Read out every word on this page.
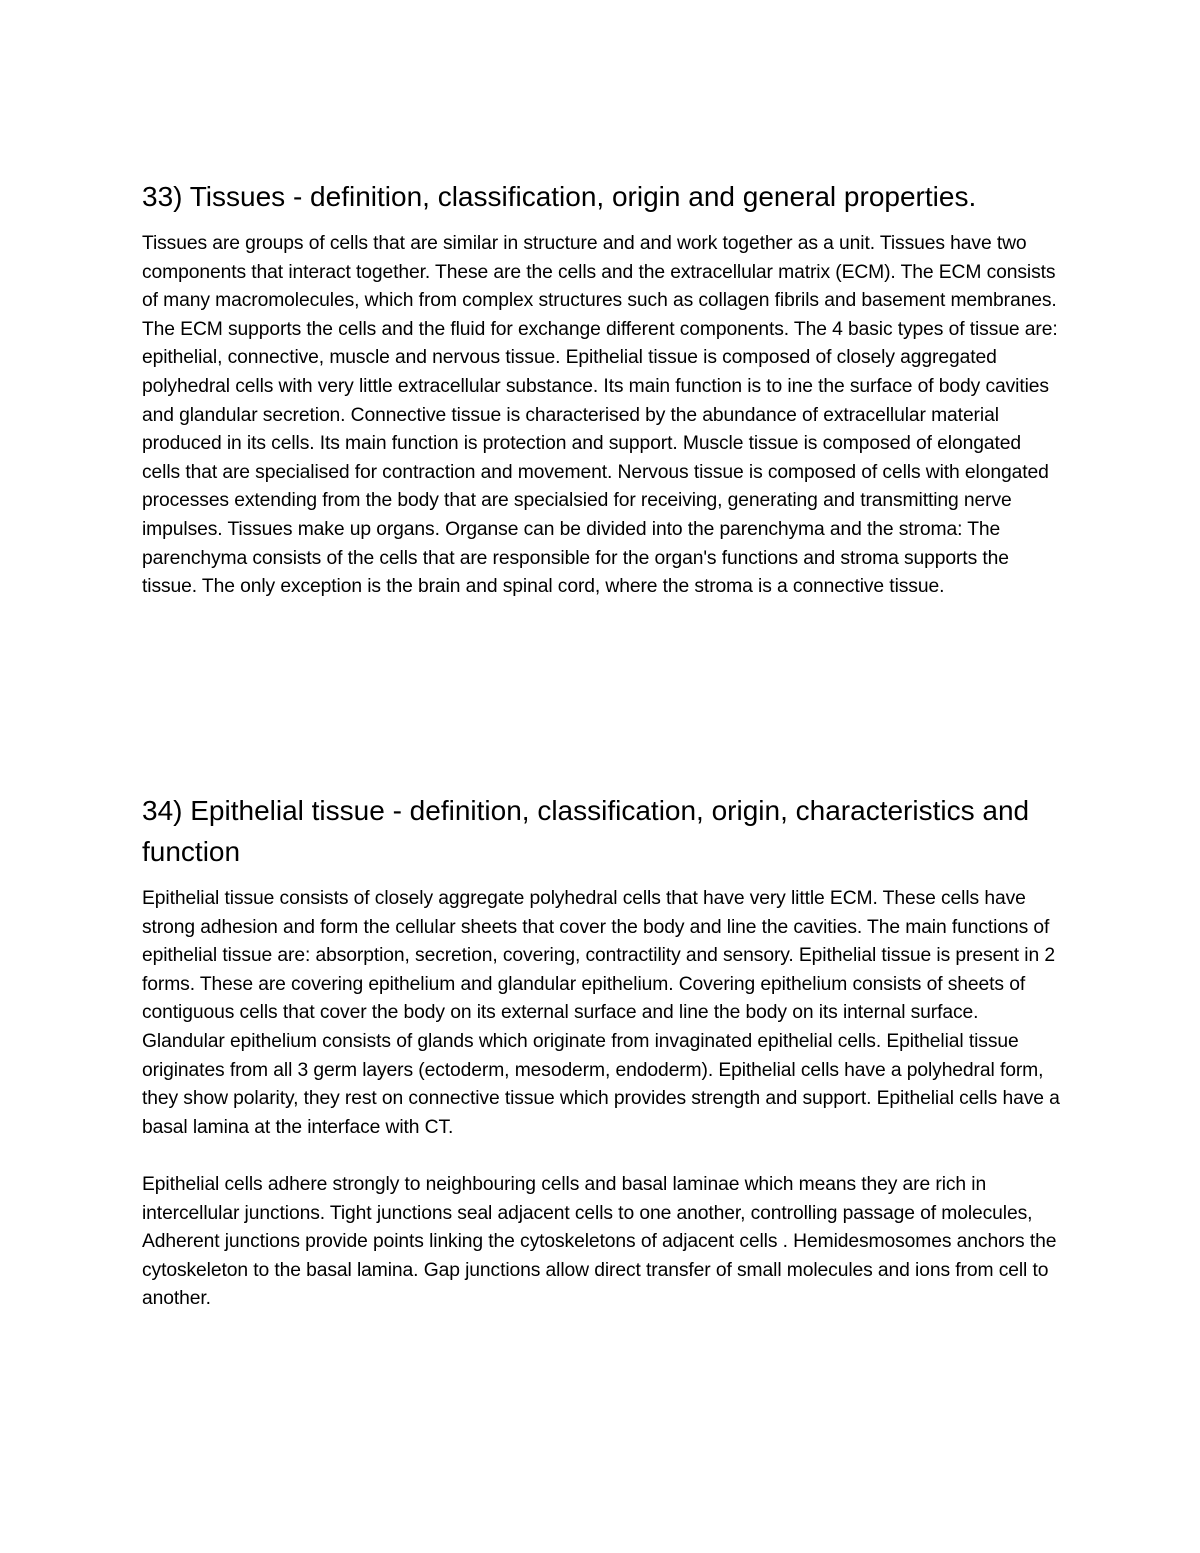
33) Tissues - definition, classification, origin and general properties.

Tissues are groups of cells that are similar in structure and and work together as a unit. Tissues have two components that interact together. These are the cells and the extracellular matrix (ECM). The ECM consists of many macromolecules, which from complex structures such as collagen fibrils and basement membranes. The ECM supports the cells and the fluid for exchange different components. The 4 basic types of tissue are: epithelial, connective, muscle and nervous tissue. Epithelial tissue is composed of closely aggregated polyhedral cells with very little extracellular substance. Its main function is to ine the surface of body cavities and glandular secretion. Connective tissue is characterised by the abundance of extracellular material produced in its cells. Its main function is protection and support. Muscle tissue is composed of elongated cells that are specialised for contraction and movement. Nervous tissue is composed of cells with elongated processes extending from the body that are specialsied for receiving, generating and transmitting nerve impulses. Tissues make up organs. Organse can be divided into the parenchyma and the stroma: The parenchyma consists of the cells that are responsible for the organ's functions and stroma supports the tissue. The only exception is the brain and spinal cord, where the stroma is a connective tissue.

34) Epithelial tissue - definition, classification, origin, characteristics and function

Epithelial tissue consists of closely aggregate polyhedral cells that have very little ECM. These cells have strong adhesion and form the cellular sheets that cover the body and line the cavities. The main functions of epithelial tissue are: absorption, secretion, covering, contractility and sensory. Epithelial tissue is present in 2 forms. These are covering epithelium and glandular epithelium. Covering epithelium consists of sheets of contiguous cells that cover the body on its external surface and line the body on its internal surface. Glandular epithelium consists of glands which originate from invaginated epithelial cells. Epithelial tissue originates from all 3 germ layers (ectoderm, mesoderm, endoderm). Epithelial cells have a polyhedral form, they show polarity, they rest on connective tissue which provides strength and support. Epithelial cells have a basal lamina at the interface with CT.

Epithelial cells adhere strongly to neighbouring cells and basal laminae which means they are rich in intercellular junctions. Tight junctions seal adjacent cells to one another, controlling passage of molecules, Adherent junctions provide points linking the cytoskeletons of adjacent cells . Hemidesmosomes anchors the cytoskeleton to the basal lamina. Gap junctions allow direct transfer of small molecules and ions from cell to another.
